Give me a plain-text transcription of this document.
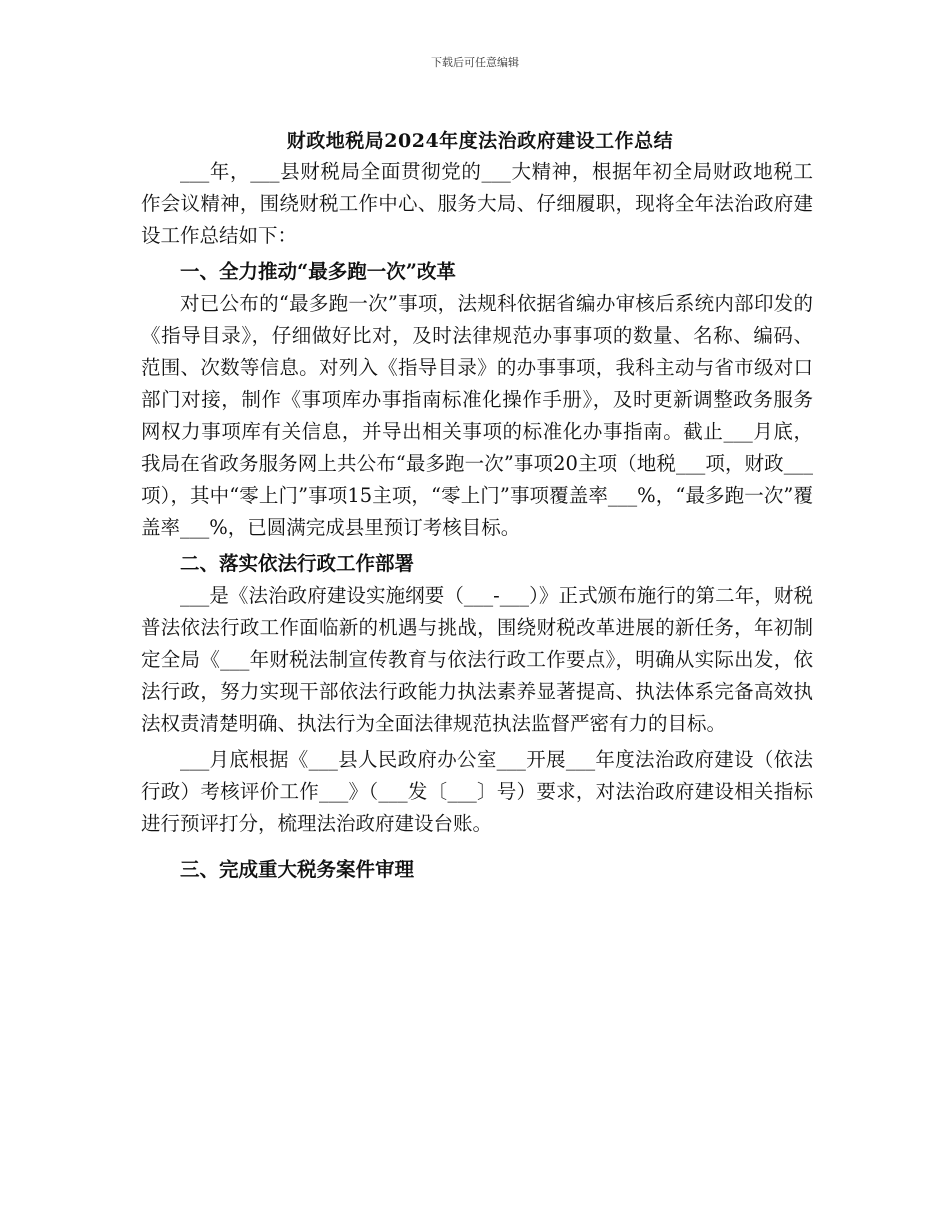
下载后可任意编辑
财政地税局2024年度法治政府建设工作总结

___年，___县财税局全面贯彻党的___大精神，根据年初全局财政地税工作会议精神，围绕财税工作中心、服务大局、仔细履职，现将全年法治政府建设工作总结如下：

一、全力推动“最多跑一次”改革

对已公布的“最多跑一次”事项，法规科依据省编办审核后系统内部印发的《指导目录》，仔细做好比对，及时法律规范办事事项的数量、名称、编码、范围、次数等信息。对列入《指导目录》的办事事项，我科主动与省市级对口部门对接，制作《事项库办事指南标准化操作手册》，及时更新调整政务服务网权力事项库有关信息，并导出相关事项的标准化办事指南。截止___月底，我局在省政务服务网上共公布“最多跑一次”事项20主项（地税___项，财政___项），其中“零上门”事项15主项，“零上门”事项覆盖率___%，“最多跑一次”覆盖率___%，已圆满完成县里预订考核目标。

二、落实依法行政工作部署

___是《法治政府建设实施纲要（___-___）》正式颁布施行的第二年，财税普法依法行政工作面临新的机遇与挑战，围绕财税改革进展的新任务，年初制定全局《___年财税法制宣传教育与依法行政工作要点》，明确从实际出发，依法行政，努力实现干部依法行政能力执法素养显著提高、执法体系完备高效执法权责清楚明确、执法行为全面法律规范执法监督严密有力的目标。

___月底根据《___县人民政府办公室___开展___年度法治政府建设（依法行政）考核评价工作___》（___发〔___〕号）要求，对法治政府建设相关指标进行预评打分，梳理法治政府建设台账。

三、完成重大税务案件审理
